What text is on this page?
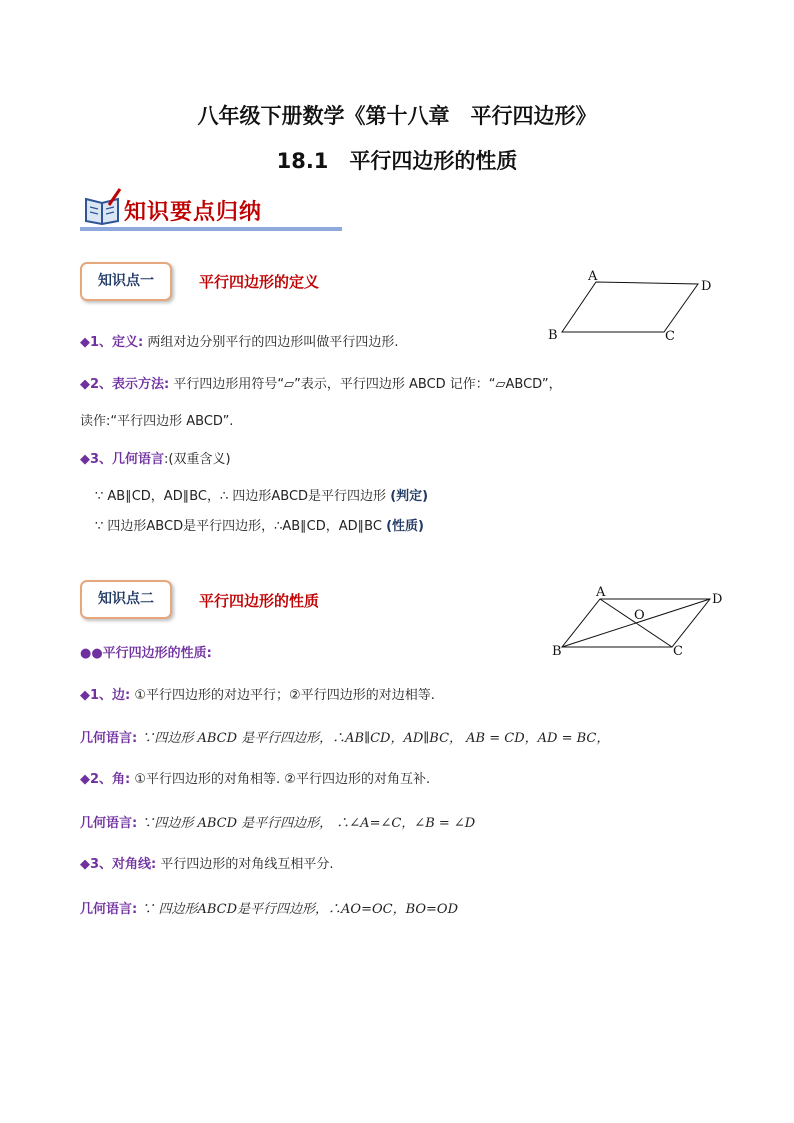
八年级下册数学《第十八章　平行四边形》
18.1　平行四边形的性质
知识要点归纳
知识点一	平行四边形的定义	A
D
B	C
◆1、定义: 两组对边分别平行的四边形叫做平行四边形.
◆2、表示方法: 平行四边形用符号“▱”表示，平行四边形 ABCD 记作：“▱ABCD”，
读作:“平行四边形 ABCD”.
◆3、几何语言:(双重含义)
∵ AB∥CD，AD∥BC，∴ 四边形ABCD是平行四边形 (判定)
∵ 四边形ABCD是平行四边形，∴AB∥CD，AD∥BC (性质)
知识点二	平行四边形的性质	A	D
B	C
O
●●平行四边形的性质:
◆1、边: ①平行四边形的对边平行；②平行四边形的对边相等.
几何语言: ∵四边形 ABCD 是平行四边形，∴AB∥CD，AD∥BC， AB = CD，AD = BC，
◆2、角: ①平行四边形的对角相等. ②平行四边形的对角互补.
几何语言: ∵四边形 ABCD 是平行四边形， ∴∠A=∠C，∠B = ∠D
◆3、对角线: 平行四边形的对角线互相平分.
几何语言: ∵ 四边形ABCD是平行四边形，∴AO=OC，BO=OD
